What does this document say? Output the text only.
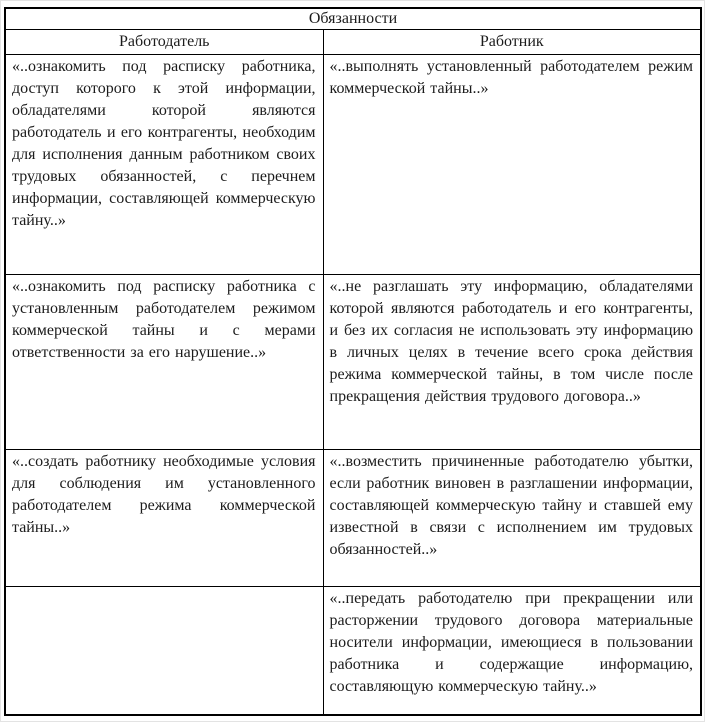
Обязанности	
Работодатель	Работник
«..ознакомить под расписку работника, доступ которого к этой информации, обладателями которой являются работодатель и его контрагенты, необходим для исполнения данным работником своих трудовых обязанностей, с перечнем информации, составляющей коммерческую тайну..»	«..выполнять установленный работодателем режим коммерческой тайны..»
«..ознакомить под расписку работника с установленным работодателем режимом коммерческой тайны и с мерами ответственности за его нарушение..»	«..не разглашать эту информацию, обладателями которой являются работодатель и его контрагенты, и без их согласия не использовать эту информацию в личных целях в течение всего срока действия режима коммерческой тайны, в том числе после прекращения действия трудового договора..»
«..создать работнику необходимые условия для соблюдения им установленного работодателем режима коммерческой тайны..»	«..возместить причиненные работодателю убытки, если работник виновен в разглашении информации, составляющей коммерческую тайну и ставшей ему известной в связи с исполнением им трудовых обязанностей..»
	«..передать работодателю при прекращении или расторжении трудового договора материальные носители информации, имеющиеся в пользовании работника и содержащие информацию, составляющую коммерческую тайну..»
